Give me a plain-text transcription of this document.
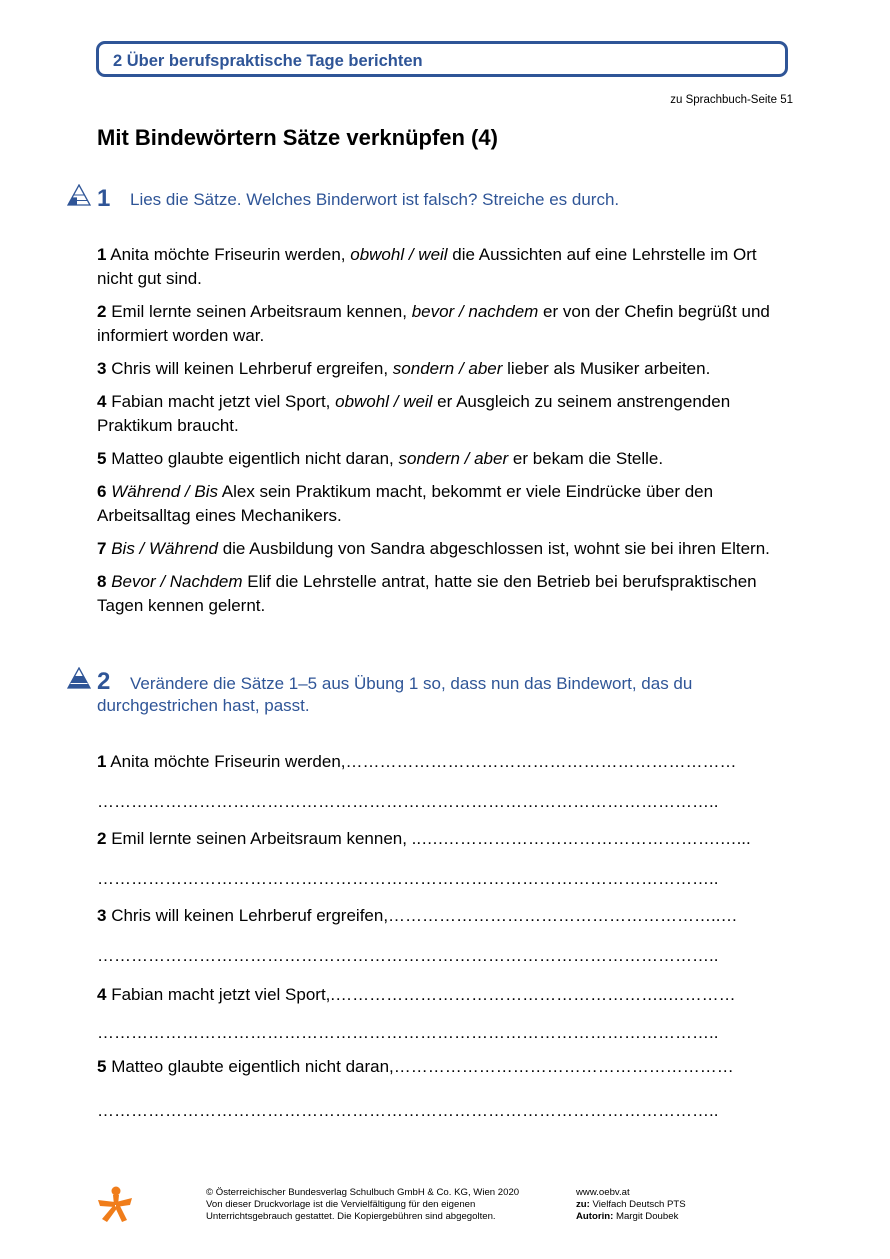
2 Über berufspraktische Tage berichten
zu Sprachbuch-Seite 51
Mit Bindewörtern Sätze verknüpfen (4)
1 Lies die Sätze. Welches Binderwort ist falsch? Streiche es durch.

1 Anita möchte Friseurin werden, obwohl / weil die Aussichten auf eine Lehrstelle im Ort nicht gut sind.

2 Emil lernte seinen Arbeitsraum kennen, bevor / nachdem er von der Chefin begrüßt und informiert worden war.

3 Chris will keinen Lehrberuf ergreifen, sondern / aber lieber als Musiker arbeiten.

4 Fabian macht jetzt viel Sport, obwohl / weil er Ausgleich zu seinem anstrengenden Praktikum braucht.

5 Matteo glaubte eigentlich nicht daran, sondern / aber er bekam die Stelle.

6 Während / Bis Alex sein Praktikum macht, bekommt er viele Eindrücke über den Arbeitsalltag eines Mechanikers.

7 Bis / Während die Ausbildung von Sandra abgeschlossen ist, wohnt sie bei ihren Eltern.

8 Bevor / Nachdem Elif die Lehrstelle antrat, hatte sie den Betrieb bei berufspraktischen Tagen kennen gelernt.

2	Verändere die Sätze 1–5 aus Übung 1 so, dass nun das Bindewort, das du durchgestrichen hast, passt.
1 Anita möchte Friseurin werden,……………………………………………………………
………………………………………………………………………………………………..
2 Emil lernte seinen Arbeitsraum kennen, ..….………………………………………….…...
………………………………………………………………………………………………..
3 Chris will keinen Lehrberuf ergreifen,…………………………………………………..…
………………………………………………………………………………………………..
4 Fabian macht jetzt viel Sport,.…………………………………………………..…………
………………………………………………………………………………………………..
5 Matteo glaubte eigentlich nicht daran,……………………………………………………
………………………………………………………………………………………………..
© Österreichischer Bundesverlag Schulbuch GmbH & Co. KG, Wien 2020
Von dieser Druckvorlage ist die Vervielfältigung für den eigenen
Unterrichtsgebrauch gestattet. Die Kopiergebühren sind abgegolten.
www.oebv.at
zu: Vielfach Deutsch PTS
Autorin: Margit Doubek
